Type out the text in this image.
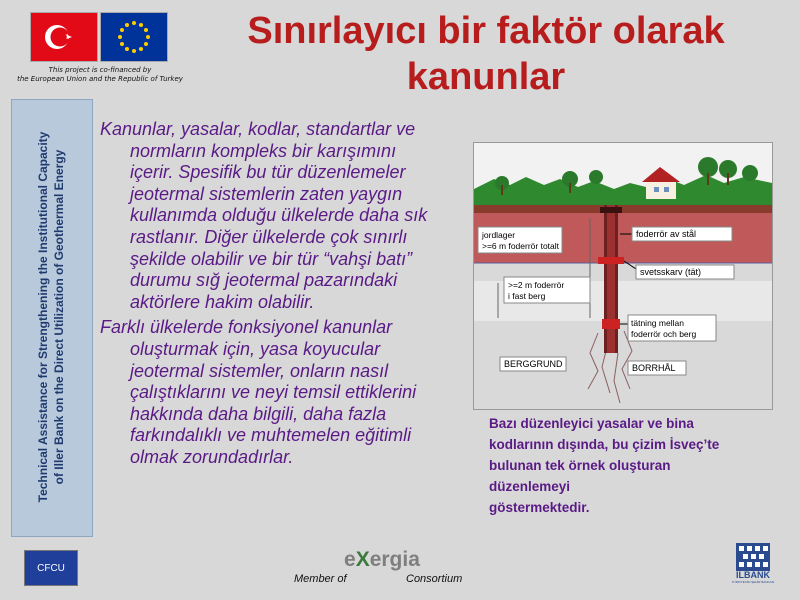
This project is co-financed by
the European Union and the Republic of Turkey
Sınırlayıcı bir faktör olarak
kanunlar
Technical Assistance for Strengthening the Institutional Capacity of Iller Bank on the Direct Utilization of Geothermal Energy
Kanunlar, yasalar, kodlar, standartlar ve normların kompleks bir karışımını içerir. Spesifik bu tür düzenlemeler jeotermal sistemlerin zaten yaygın kullanımda olduğu ülkelerde daha sık rastlanır. Diğer ülkelerde çok sınırlı şekilde olabilir ve bir tür “vahşi batı” durumu sığ jeotermal pazarındaki aktörlere hakim olabilir.
Farklı ülkelerde fonksiyonel kanunlar oluşturmak için, yasa koyucular jeotermal sistemler, onların nasıl çalıştıklarını ve neyi temsil ettiklerini hakkında daha bilgili, daha fazla farkındalıklı ve muhtemelen eğitimli olmak zorundadırlar.
jordlager
>=6 m foderrör totalt
foderrör av stål
svetsskarv (tät)
>=2 m foderrör
i fast berg
tätning mellan
foderrör och berg
BERGGRUND	BORRHÅL
Bazı düzenleyici yasalar ve bina
kodlarının dışında, bu çizim İsveç’te
bulunan tek örnek oluşturan
düzenlemeyi
göstermektedir.
CFCU	eXergia
Member of	Consortium	İLBANK
TÜRKİYE'NİN ŞEHİR BANKASI
